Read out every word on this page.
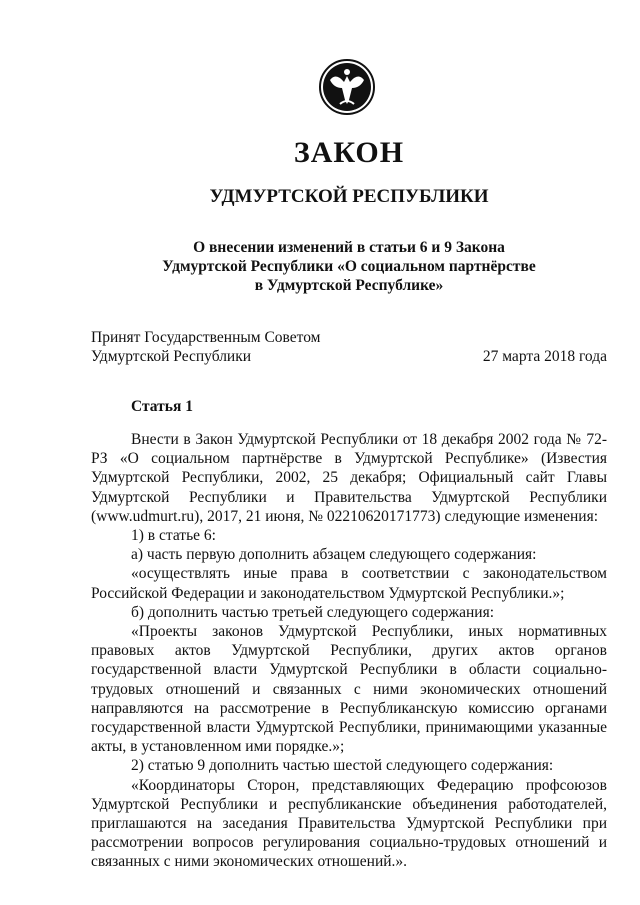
ЗАКОН
УДМУРТСКОЙ РЕСПУБЛИКИ
О внесении изменений в статьи 6 и 9 Закона
Удмуртской Республики «О социальном партнёрстве
в Удмуртской Республике»
Принят Государственным Советом
Удмуртской Республики	27 марта 2018 года
Статья 1

Внести в Закон Удмуртской Республики от 18 декабря 2002 года № 72-РЗ «О социальном партнёрстве в Удмуртской Республике» (Известия Удмуртской Республики, 2002, 25 декабря; Официальный сайт Главы Удмуртской Республики и Правительства Удмуртской Республики (www.udmurt.ru), 2017, 21 июня, № 02210620171773) следующие изменения:

1) в статье 6:

а) часть первую дополнить абзацем следующего содержания:

«осуществлять иные права в соответствии с законодательством Российской Федерации и законодательством Удмуртской Республики.»;

б) дополнить частью третьей следующего содержания:

«Проекты законов Удмуртской Республики, иных нормативных правовых актов Удмуртской Республики, других актов органов государственной власти Удмуртской Республики в области социально-трудовых отношений и связанных с ними экономических отношений направляются на рассмотрение в Республиканскую комиссию органами государственной власти Удмуртской Республики, принимающими указанные акты, в установленном ими порядке.»;

2) статью 9 дополнить частью шестой следующего содержания:

«Координаторы Сторон, представляющих Федерацию профсоюзов Удмуртской Республики и республиканские объединения работодателей, приглашаются на заседания Правительства Удмуртской Республики при рассмотрении вопросов регулирования социально-трудовых отношений и связанных с ними экономических отношений.».
